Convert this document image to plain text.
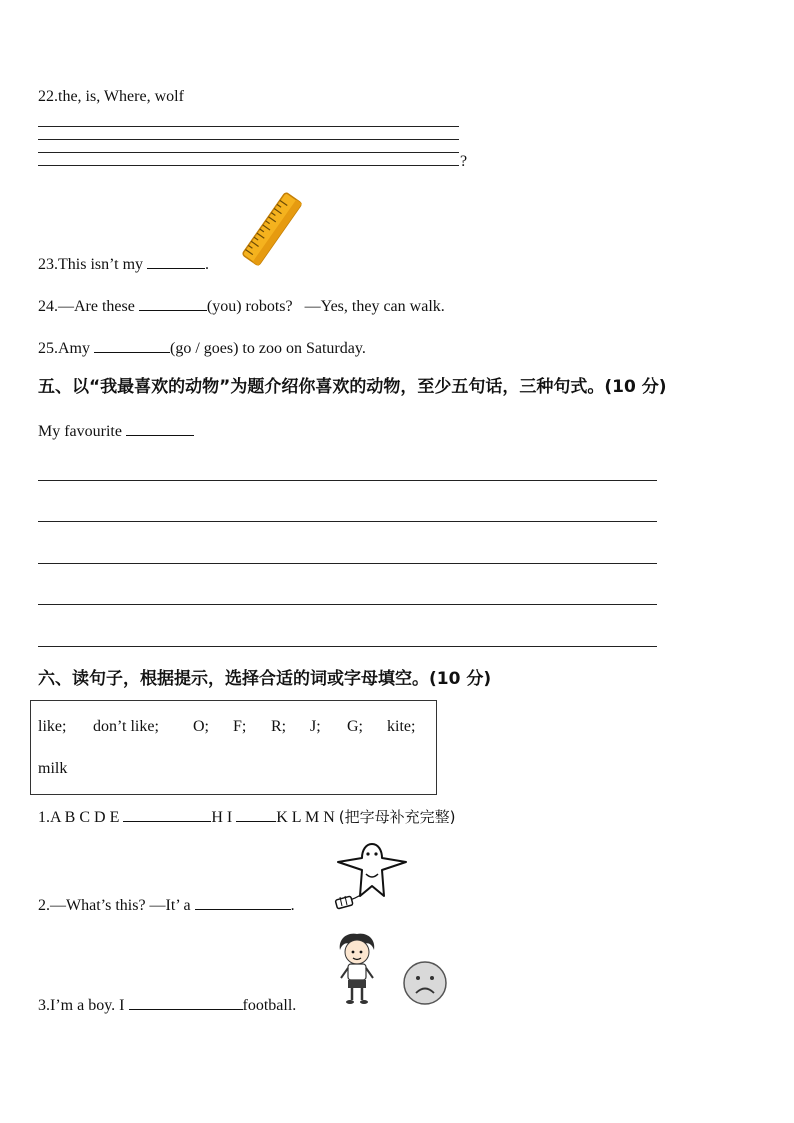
22.the, is, Where, wolf
?
23.This isn’t my	.
24.—Are these	(you) robots? —Yes, they can walk.
25.Amy	(go / goes) to zoo on Saturday.
五、以“我最喜欢的动物”为题介绍你喜欢的动物，至少五句话，三种句式。(10 分)
My favourite
六、读句子，根据提示，选择合适的词或字母填空。(10 分)
like; don’t like; O; F; R; J; G; kite;
milk
1.A B C D E	H I	K L M N (把字母补充完整)
2.—What’s this? —It’ a	.
3.I’m a boy. I	football.
